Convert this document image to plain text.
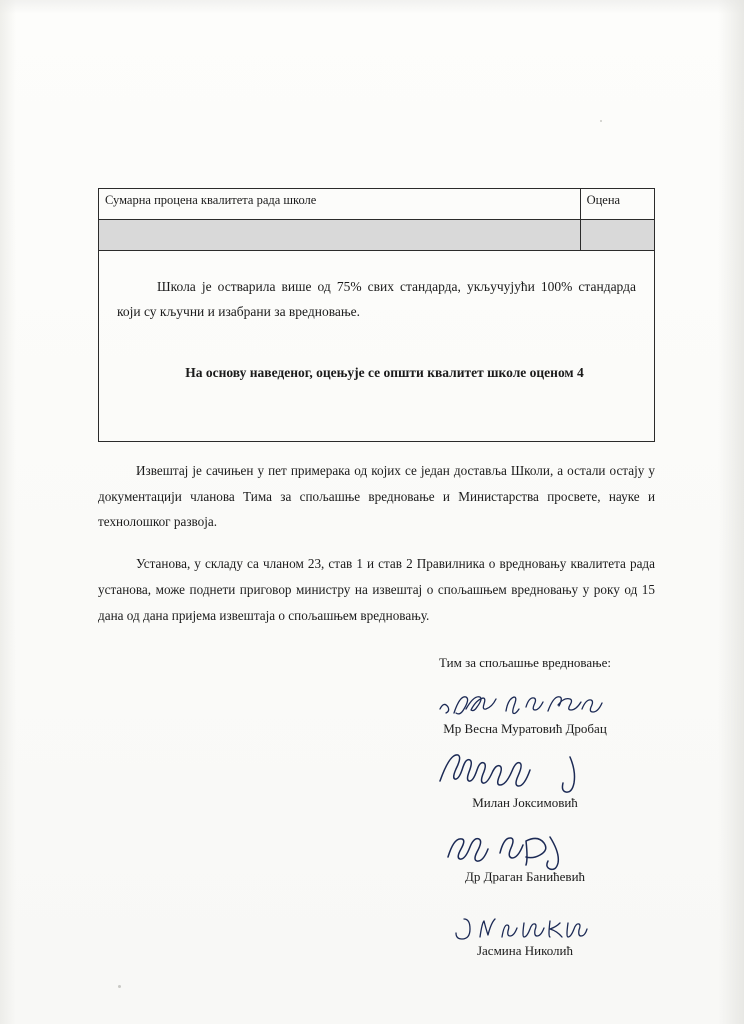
Сумарна процена квалитета рада школе	Оцена

Школа је остварила више од 75% свих стандарда, укључујући 100% стандарда који су кључни и изабрани за вредновање.

На основу наведеног, оцењује се општи квалитет школе оценом 4	

Извештај је сачињен у пет примерака од којих се један доставља Школи, а остали остају у документацији чланова Тима за спољашње вредновање и Министарства просвете, науке и технолошког развоја.

Установа, у складу са чланом 23, став 1 и став 2 Правилника о вредновању квалитета рада установа, може поднети приговор министру на извештај о спољашњем вредновању у року од 15 дана од дана пријема извештаја о спољашњем вредновању.

Тим за спољашње вредновање:
Мр Весна Муратовић Дробац
Милан Јоксимовић
Др Драган Банићевић
Јасмина Николић
